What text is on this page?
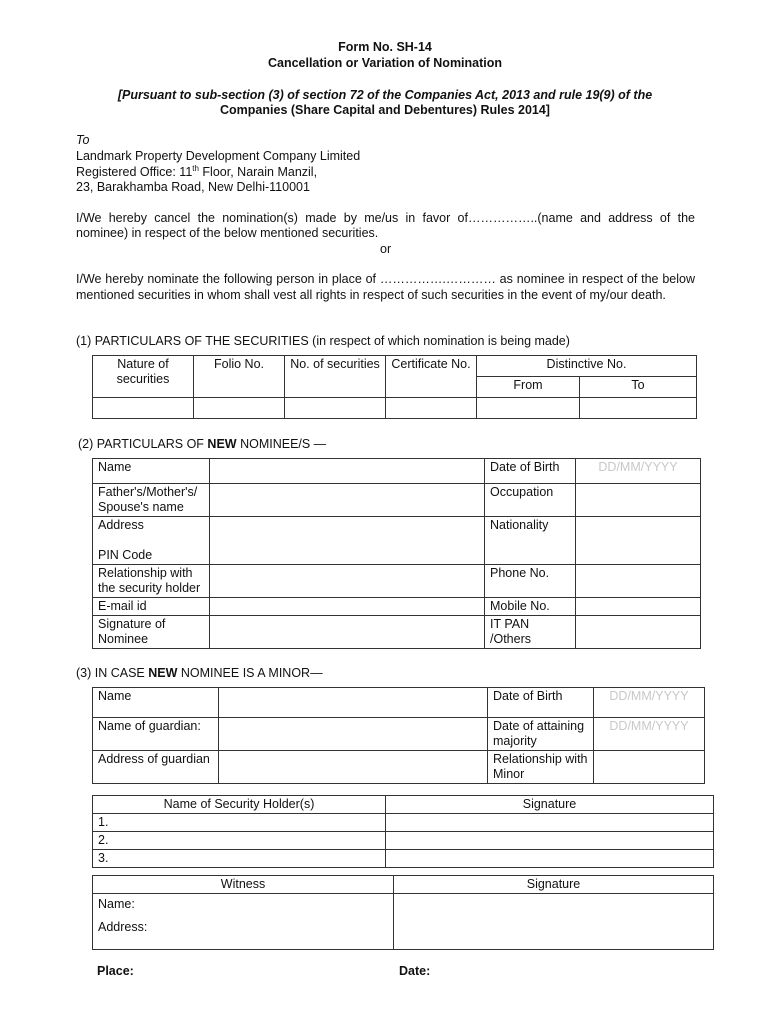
Form No. SH-14
Cancellation or Variation of Nomination
[Pursuant to sub-section (3) of section 72 of the Companies Act, 2013 and rule 19(9) of the
Companies (Share Capital and Debentures) Rules 2014]
To
Landmark Property Development Company Limited
Registered Office: 11th Floor, Narain Manzil,
23, Barakhamba Road, New Delhi-110001

I/We hereby cancel the nomination(s) made by me/us in favor of……………..(name and address of the nominee) in respect of the below mentioned securities.

or

I/We hereby nominate the following person in place of …………….………… as nominee in respect of the below mentioned securities in whom shall vest all rights in respect of such securities in the event of my/our death.

(1) PARTICULARS OF THE SECURITIES (in respect of which nomination is being made)
Nature of securities	Folio No.	No. of securities	Certificate No.	Distinctive No.	
				From	To

(2) PARTICULARS OF NEW NOMINEE/S —
Name		Date of Birth	DD/MM/YYYY
Father's/Mother's/ Spouse's name		Occupation	

Address
PIN Code		Nationality	
Relationship with the security holder		Phone No.	
E-mail id		Mobile No.	
Signature of Nominee		IT PAN /Others	
(3) IN CASE NEW NOMINEE IS A MINOR—
Name		Date of Birth	DD/MM/YYYY
Name of guardian:		Date of attaining majority	DD/MM/YYYY
Address of guardian		Relationship with Minor	
Name of Security Holder(s)	Signature
1.	
2.	
3.	
Witness	Signature

Name:
Address:	

Place:	Date:
